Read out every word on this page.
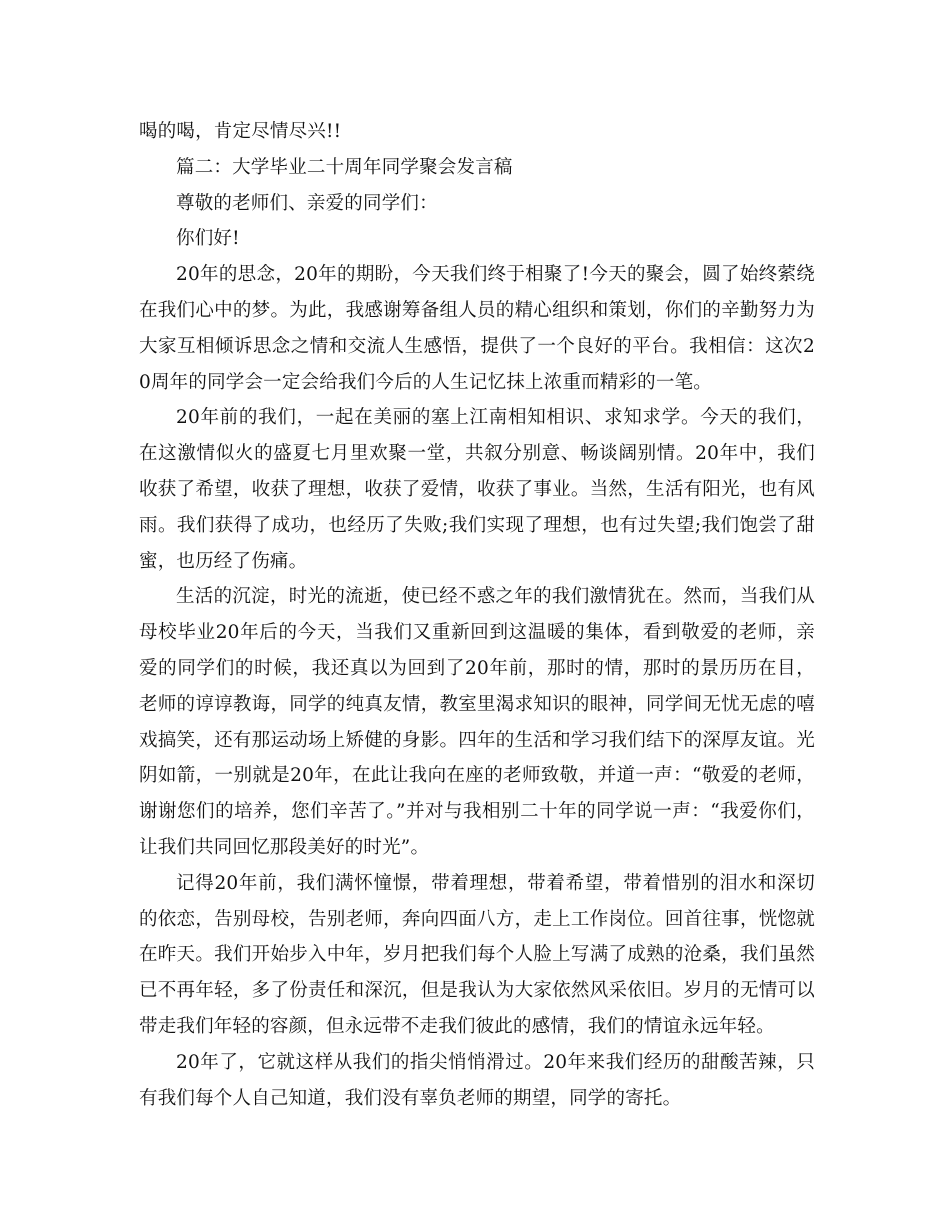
喝的喝，肯定尽情尽兴!!

篇二：大学毕业二十周年同学聚会发言稿

尊敬的老师们、亲爱的同学们：

你们好!

20年的思念，20年的期盼，今天我们终于相聚了!今天的聚会，圆了始终萦绕在我们心中的梦。为此，我感谢筹备组人员的精心组织和策划，你们的辛勤努力为大家互相倾诉思念之情和交流人生感悟，提供了一个良好的平台。我相信：这次20周年的同学会一定会给我们今后的人生记忆抹上浓重而精彩的一笔。

20年前的我们，一起在美丽的塞上江南相知相识、求知求学。今天的我们，在这激情似火的盛夏七月里欢聚一堂，共叙分别意、畅谈阔别情。20年中，我们收获了希望，收获了理想，收获了爱情，收获了事业。当然，生活有阳光，也有风雨。我们获得了成功，也经历了失败;我们实现了理想，也有过失望;我们饱尝了甜蜜，也历经了伤痛。

生活的沉淀，时光的流逝，使已经不惑之年的我们激情犹在。然而，当我们从母校毕业20年后的今天，当我们又重新回到这温暖的集体，看到敬爱的老师，亲爱的同学们的时候，我还真以为回到了20年前，那时的情，那时的景历历在目，老师的谆谆教诲，同学的纯真友情，教室里渴求知识的眼神，同学间无忧无虑的嘻戏搞笑，还有那运动场上矫健的身影。四年的生活和学习我们结下的深厚友谊。光阴如箭，一别就是20年，在此让我向在座的老师致敬，并道一声：“敬爱的老师，谢谢您们的培养，您们辛苦了。”并对与我相别二十年的同学说一声：“我爱你们，让我们共同回忆那段美好的时光”。

记得20年前，我们满怀憧憬，带着理想，带着希望，带着惜别的泪水和深切的依恋，告别母校，告别老师，奔向四面八方，走上工作岗位。回首往事，恍惚就在昨天。我们开始步入中年，岁月把我们每个人脸上写满了成熟的沧桑，我们虽然已不再年轻，多了份责任和深沉，但是我认为大家依然风采依旧。岁月的无情可以带走我们年轻的容颜，但永远带不走我们彼此的感情，我们的情谊永远年轻。

20年了，它就这样从我们的指尖悄悄滑过。20年来我们经历的甜酸苦辣，只有我们每个人自己知道，我们没有辜负老师的期望，同学的寄托。
